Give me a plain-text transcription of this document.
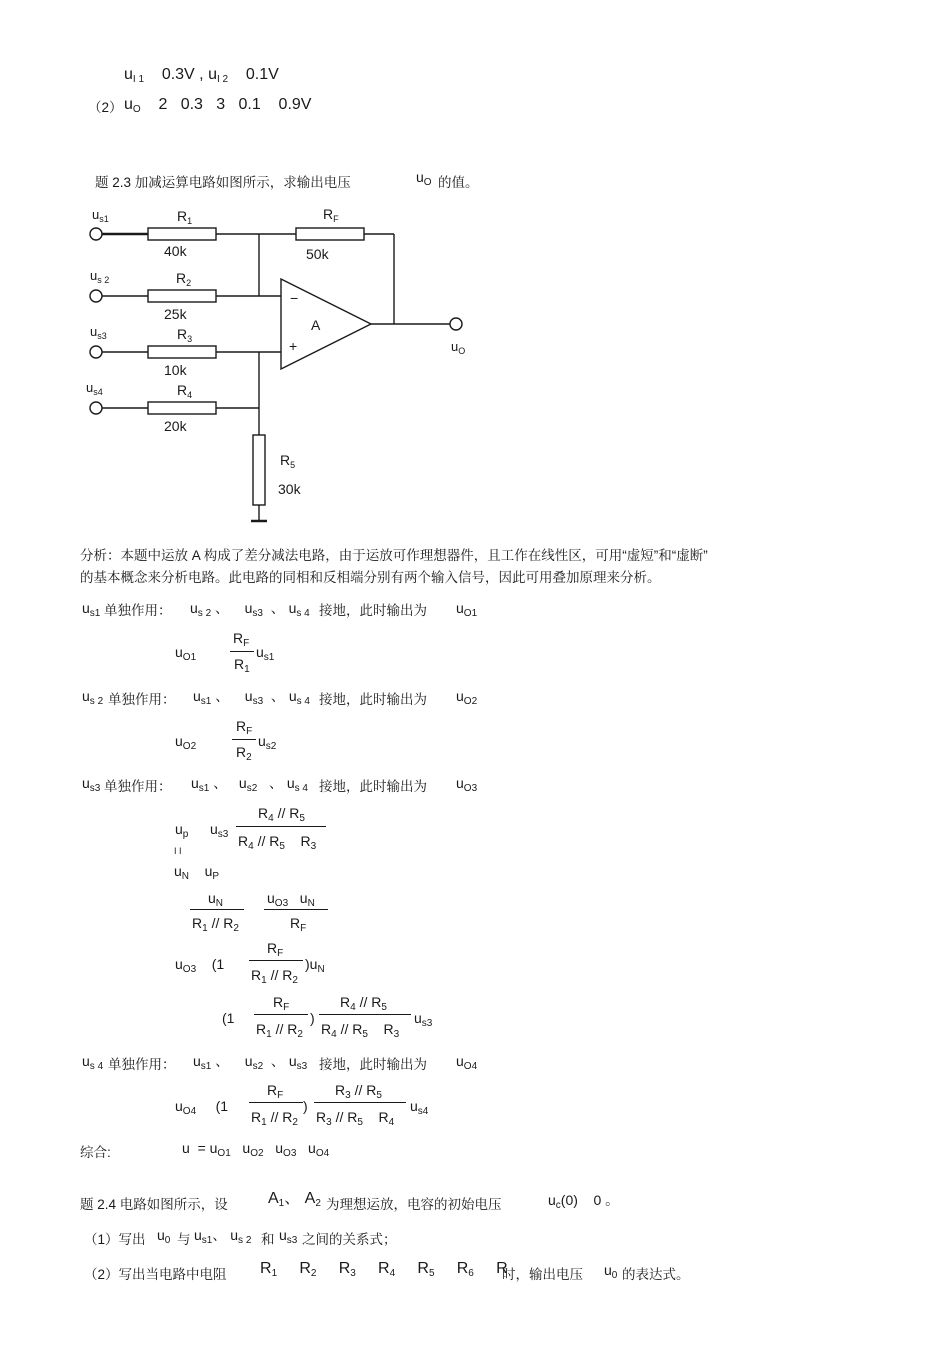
uI 1    0.3V , uI 2    0.1V
（2） uO    2   0.3   3   0.1    0.9V
题 2.3 加减运算电路如图所示，求输出电压	$u_O$ 的值。
$u_{s1}$
$u_{s 2}$
$u_{s3}$
$u_{s4}$
$R_1$
40k
$R_2$
25k
$R_3$
10k
$R_4$
20k
$R_F$
50k
$R_5$
30k
−
+
A
$u_O$
分析：本题中运放 A 构成了差分减法电路，由于运放可作理想器件，且工作在线性区，可用“虚短”和“虚断”
的基本概念来分析电路。此电路的同相和反相端分别有两个输入信号，因此可用叠加原理来分析。
$u_{s1}$ 单独作用： $u_{s 2}$ 、    $u_{s3}$  、 $u_{s 4}$ 接地，此时输出为 $u_{O1}$
$u_{O1}$
$R_F$
$R_1$
$u_{s1}$
$u_{s 2}$ 单独作用： $u_{s1}$ 、    $u_{s3}$  、 $u_{s 4}$ 接地，此时输出为 $u_{O2}$
$u_{O2}$
$R_F$
$R_2$
$u_{s2}$
$u_{s3}$ 单独作用： $u_{s1}$ 、   $u_{s2}$   、 $u_{s 4}$ 接地，此时输出为 $u_{O3}$
$u_p$ $u_{s3}$
$R_4 // R_5$
$R_4 // R_5$    $R_3$
I I
$u_N$    $u_P$
$u_N$
$R_1 // R_2$
$u_{O3}$   $u_N$
$R_F$
$u_{O3}$    (1
$R_F$
$R_1 // R_2$
)$u_N$
(1
$R_F$
$R_1 // R_2$
)
$R_4 // R_5$
$R_4 // R_5$    $R_3$
$u_{s3}$
$u_{s 4}$ 单独作用： $u_{s1}$ 、    $u_{s2}$  、 $u_{s3}$ 接地，此时输出为 $u_{O4}$
$u_{O4}$     (1
$R_F$
$R_1 // R_2$
)
$R_3 // R_5$
$R_3 // R_5$    $R_4$
$u_{s4}$
综合:	$u = u_{O1}$   $u_{O2}$   $u_{O3}$   $u_{O4}$
题 2.4 电路如图所示，设	A1、 A2 为理想运放，电容的初始电压	$u_c(0)$    0 。
（1）写出 $u_0$ 与 $u_{s1}$、 $u_{s 2}$ 和 $u_{s3}$ 之间的关系式；
（2）写出当电路中电阻 R1     R2     R3     R4     R5     R6     R
时，输出电压 $u_0$ 的表达式。
